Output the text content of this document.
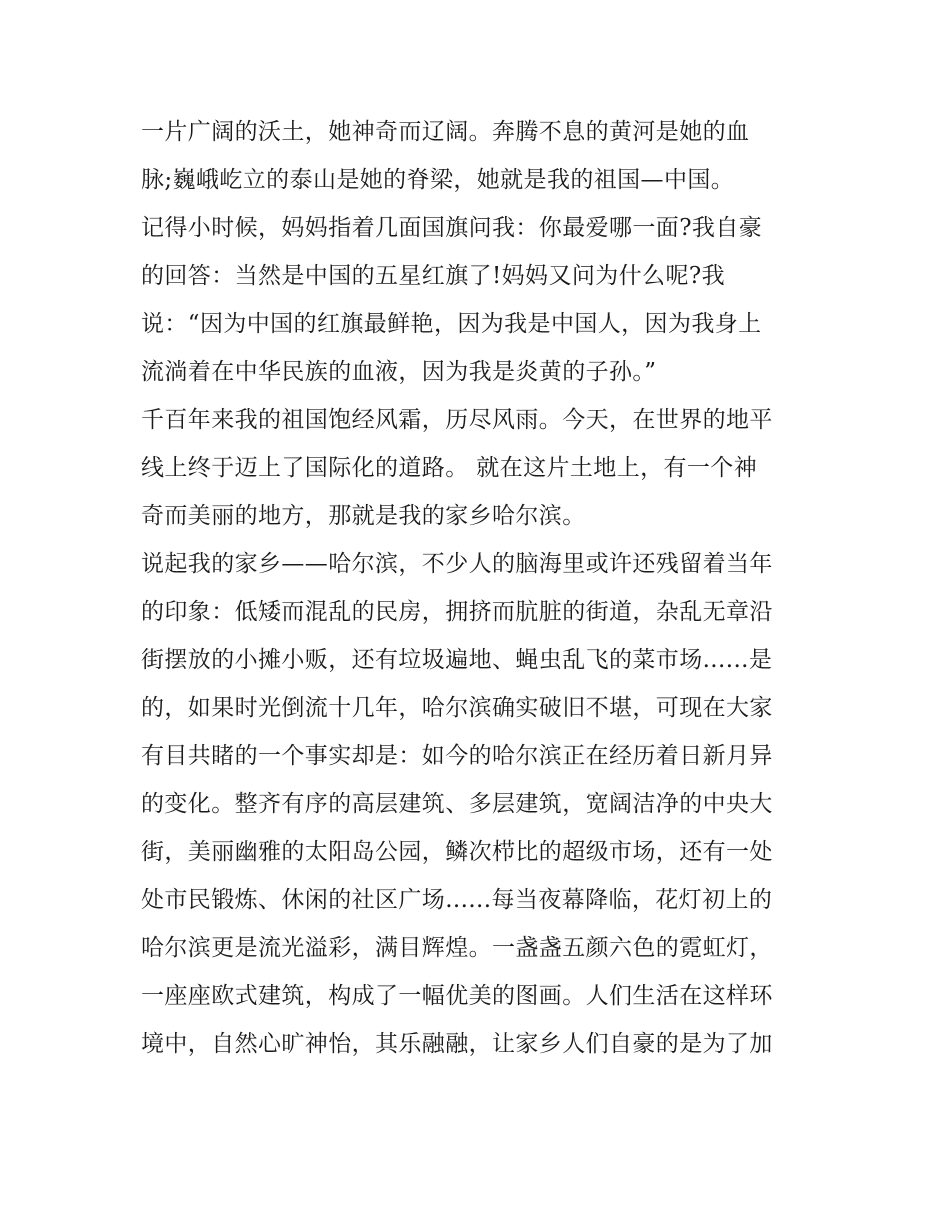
一片广阔的沃土，她神奇而辽阔。奔腾不息的黄河是她的血
脉;巍峨屹立的泰山是她的脊梁，她就是我的祖国—中国。
记得小时候，妈妈指着几面国旗问我：你最爱哪一面?我自豪
的回答：当然是中国的五星红旗了!妈妈又问为什么呢?我
说：“因为中国的红旗最鲜艳，因为我是中国人，因为我身上
流淌着在中华民族的血液，因为我是炎黄的子孙。”
千百年来我的祖国饱经风霜，历尽风雨。今天，在世界的地平
线上终于迈上了国际化的道路。 就在这片土地上，有一个神
奇而美丽的地方，那就是我的家乡哈尔滨。
说起我的家乡——哈尔滨，不少人的脑海里或许还残留着当年
的印象：低矮而混乱的民房，拥挤而肮脏的街道，杂乱无章沿
街摆放的小摊小贩，还有垃圾遍地、蝇虫乱飞的菜市场......是
的，如果时光倒流十几年，哈尔滨确实破旧不堪，可现在大家
有目共睹的一个事实却是：如今的哈尔滨正在经历着日新月异
的变化。整齐有序的高层建筑、多层建筑，宽阔洁净的中央大
街，美丽幽雅的太阳岛公园，鳞次栉比的超级市场，还有一处
处市民锻炼、休闲的社区广场......每当夜幕降临，花灯初上的
哈尔滨更是流光溢彩，满目辉煌。一盏盏五颜六色的霓虹灯，
一座座欧式建筑，构成了一幅优美的图画。人们生活在这样环
境中，自然心旷神怡，其乐融融，让家乡人们自豪的是为了加
